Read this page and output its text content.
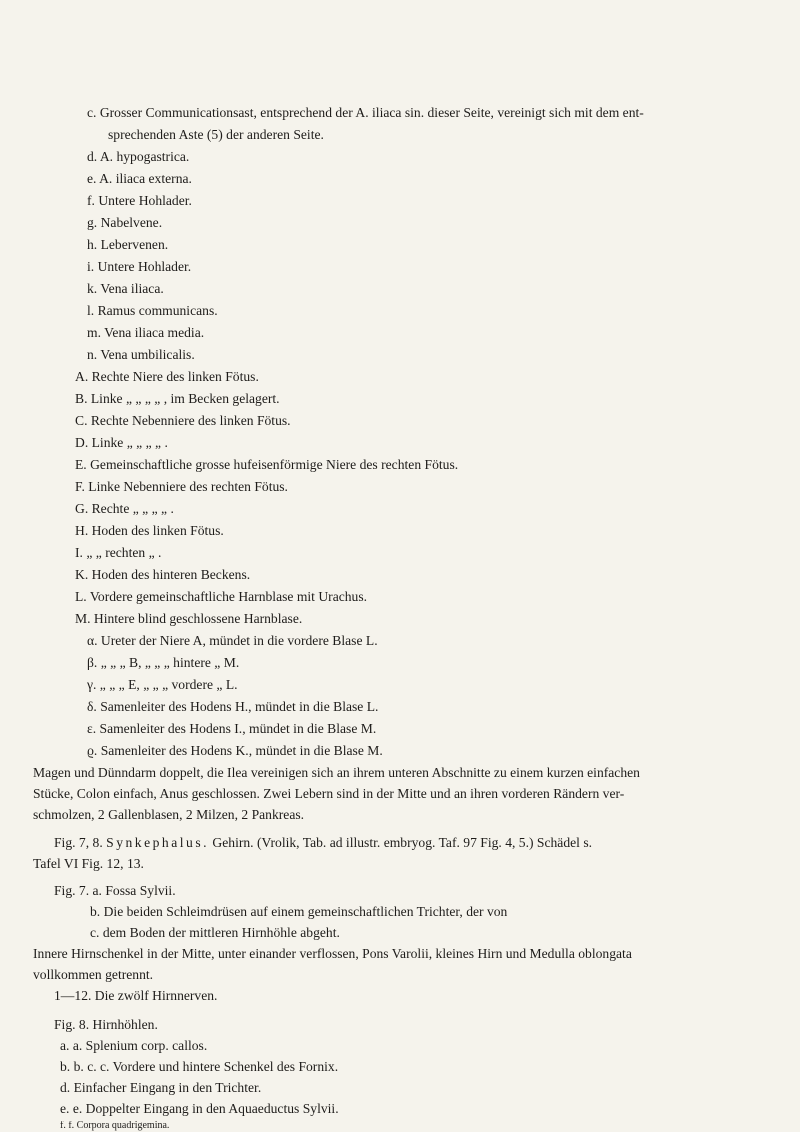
c. Grosser Communicationsast, entsprechend der A. iliaca sin. dieser Seite, vereinigt sich mit dem ent-
sprechenden Aste (5) der anderen Seite.
d. A. hypogastrica.
e. A. iliaca externa.
f. Untere Hohlader.
g. Nabelvene.
h. Lebervenen.
i. Untere Hohlader.
k. Vena iliaca.
l. Ramus communicans.
m. Vena iliaca media.
n. Vena umbilicalis.
A. Rechte Niere des linken Fötus.
B. Linke „ „ „ „ , im Becken gelagert.
C. Rechte Nebenniere des linken Fötus.
D. Linke „ „ „ „ .
E. Gemeinschaftliche grosse hufeisenförmige Niere des rechten Fötus.
F. Linke Nebenniere des rechten Fötus.
G. Rechte „ „ „ „ .
H. Hoden des linken Fötus.
I. „ „ rechten „ .
K. Hoden des hinteren Beckens.
L. Vordere gemeinschaftliche Harnblase mit Urachus.
M. Hintere blind geschlossene Harnblase.
α. Ureter der Niere A, mündet in die vordere Blase L.
β. „ „ „ B, „ „ „ hintere „ M.
γ. „ „ „ E, „ „ „ vordere „ L.
δ. Samenleiter des Hodens H., mündet in die Blase L.
ε. Samenleiter des Hodens I., mündet in die Blase M.
ϱ. Samenleiter des Hodens K., mündet in die Blase M.
Magen und Dünndarm doppelt, die Ilea vereinigen sich an ihrem unteren Abschnitte zu einem kurzen einfachen
Stücke, Colon einfach, Anus geschlossen. Zwei Lebern sind in der Mitte und an ihren vorderen Rändern ver-
schmolzen, 2 Gallenblasen, 2 Milzen, 2 Pankreas.
Fig. 7, 8. Synkephalus. Gehirn. (Vrolik, Tab. ad illustr. embryog. Taf. 97 Fig. 4, 5.) Schädel s.
Tafel VI Fig. 12, 13.
Fig. 7. a. Fossa Sylvii.
b. Die beiden Schleimdrüsen auf einem gemeinschaftlichen Trichter, der von
c. dem Boden der mittleren Hirnhöhle abgeht.
Innere Hirnschenkel in der Mitte, unter einander verflossen, Pons Varolii, kleines Hirn und Medulla oblongata
vollkommen getrennt.
1—12. Die zwölf Hirnnerven.
Fig. 8. Hirnhöhlen.
a. a. Splenium corp. callos.
b. b. c. c. Vordere und hintere Schenkel des Fornix.
d. Einfacher Eingang in den Trichter.
e. e. Doppelter Eingang in den Aquaeductus Sylvii.
f. f. Corpora quadrigemina.
